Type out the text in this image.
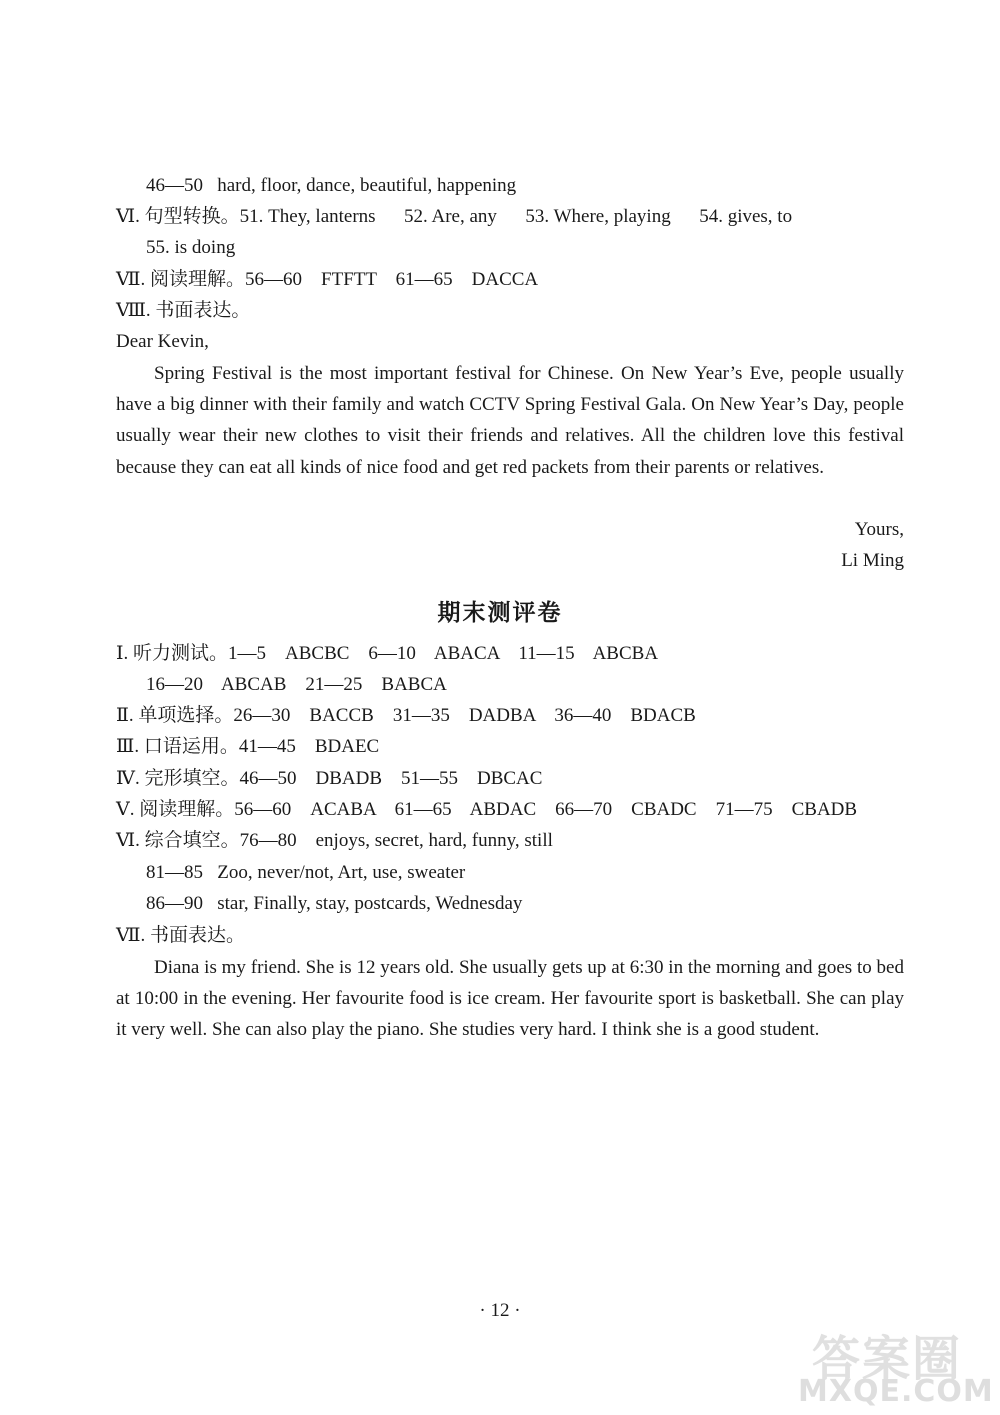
46—50   hard, floor, dance, beautiful, happening
Ⅵ. 句型转换。51. They, lanterns      52. Are, any      53. Where, playing      54. gives, to
55. is doing
Ⅶ. 阅读理解。56—60    FTFTT    61—65    DACCA
Ⅷ. 书面表达。
Dear Kevin,
Spring Festival is the most important festival for Chinese. On New Year’s Eve, people usually have a big dinner with their family and watch CCTV Spring Festival Gala. On New Year’s Day, people usually wear their new clothes to visit their friends and relatives. All the children love this festival because they can eat all kinds of nice food and get red packets from their parents or relatives.
Yours,
Li Ming
期末测评卷
Ⅰ. 听力测试。1—5    ABCBC    6—10    ABACA    11—15    ABCBA
16—20    ABCAB    21—25    BABCA
Ⅱ. 单项选择。26—30    BACCB    31—35    DADBA    36—40    BDACB
Ⅲ. 口语运用。41—45    BDAEC
Ⅳ. 完形填空。46—50    DBADB    51—55    DBCAC
Ⅴ. 阅读理解。56—60    ACABA    61—65    ABDAC    66—70    CBADC    71—75    CBADB
Ⅵ. 综合填空。76—80    enjoys, secret, hard, funny, still
81—85   Zoo, never/not, Art, use, sweater
86—90   star, Finally, stay, postcards, Wednesday
Ⅶ. 书面表达。
Diana is my friend. She is 12 years old. She usually gets up at 6:30 in the morning and goes to bed at 10:00 in the evening. Her favourite food is ice cream. Her favourite sport is basketball. She can play it very well. She can also play the piano. She studies very hard. I think she is a good student.
· 12 ·
答案圈
MXQE.COM
